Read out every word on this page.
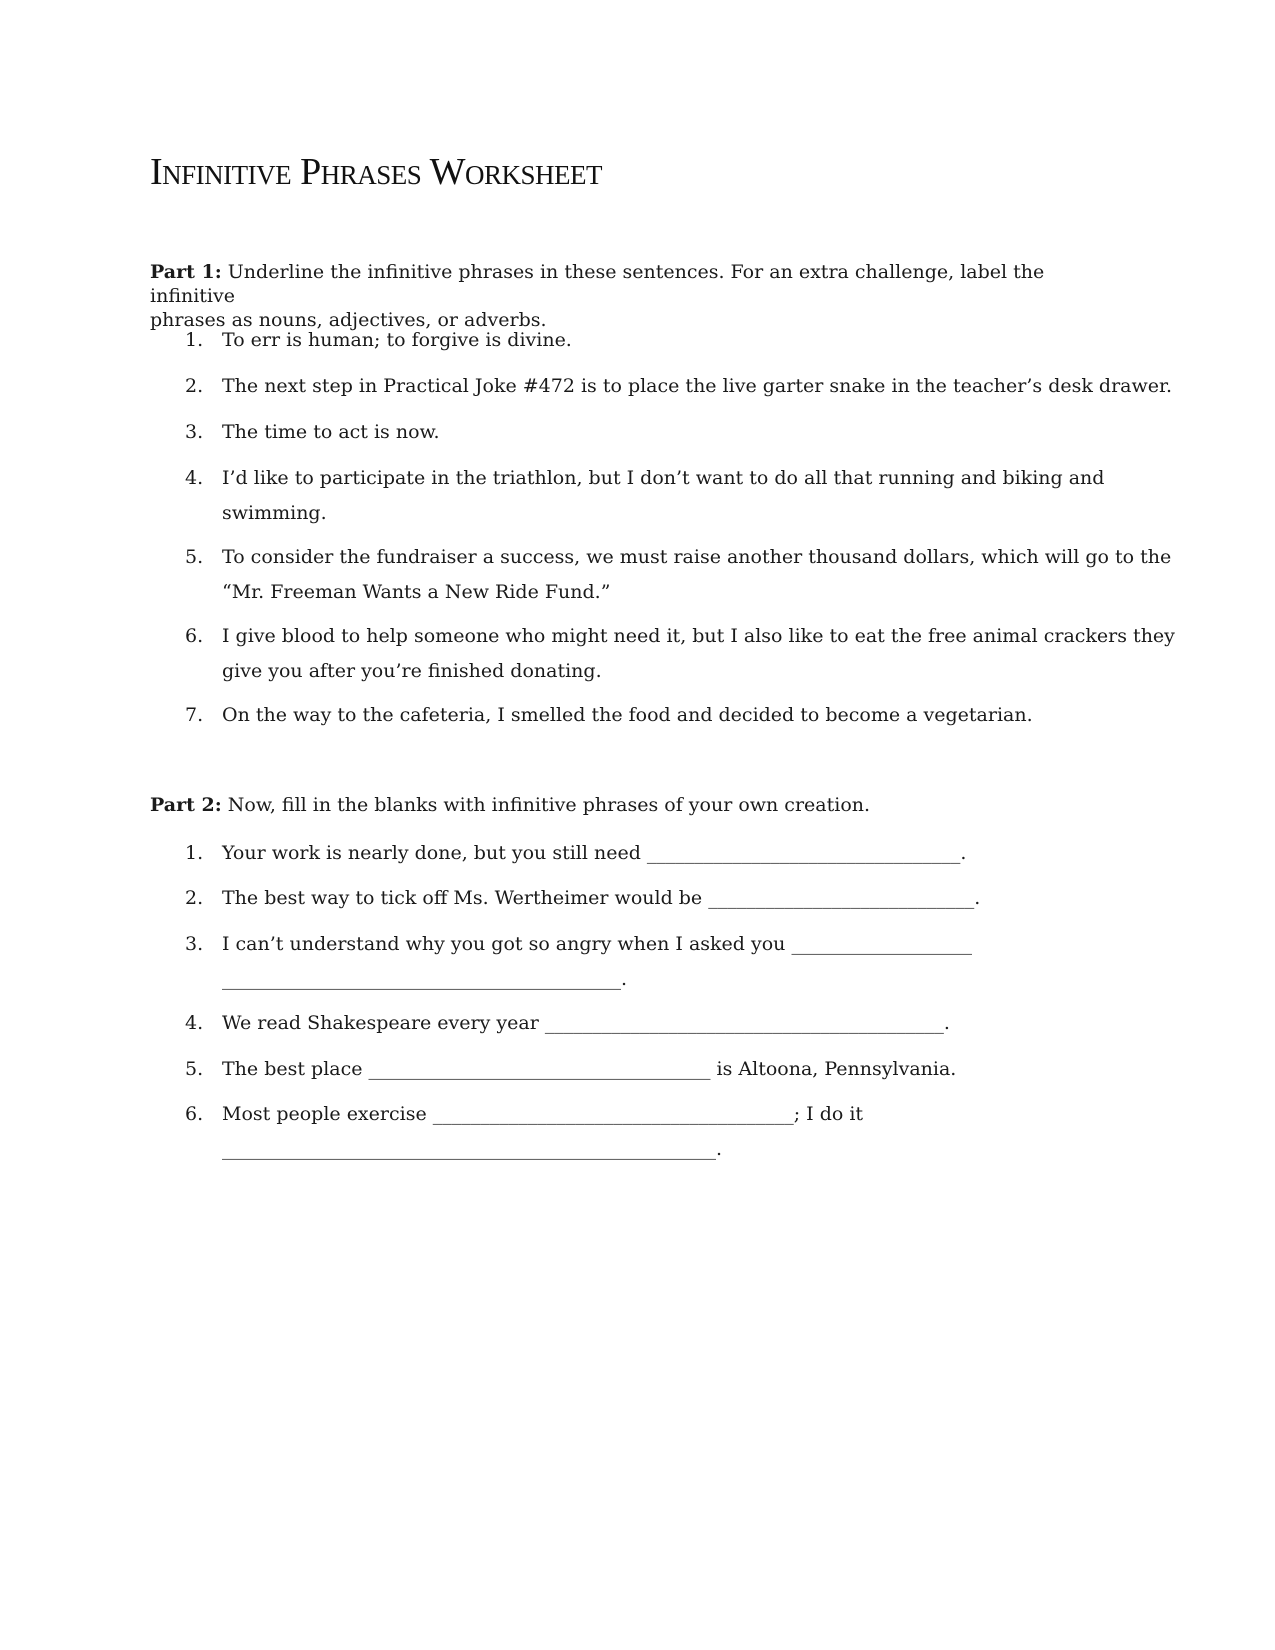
Infinitive Phrases Worksheet

Part 1: Underline the infinitive phrases in these sentences. For an extra challenge, label the infinitive
phrases as nouns, adjectives, or adverbs.

1. To err is human; to forgive is divine.
2. The next step in Practical Joke #472 is to place the live garter snake in the teacher’s desk drawer.
3. The time to act is now.
4. I’d like to participate in the triathlon, but I don’t want to do all that running and biking and
swimming.
5. To consider the fundraiser a success, we must raise another thousand dollars, which will go to the
“Mr. Freeman Wants a New Ride Fund.”
6. I give blood to help someone who might need it, but I also like to eat the free animal crackers they
give you after you’re finished donating.
7. On the way to the cafeteria, I smelled the food and decided to become a vegetarian.

Part 2: Now, fill in the blanks with infinitive phrases of your own creation.

1. Your work is nearly done, but you still need _________________________________.
2. The best way to tick off Ms. Wertheimer would be ____________________________.
3. I can’t understand why you got so angry when I asked you ___________________
__________________________________________.
4. We read Shakespeare every year __________________________________________.
5. The best place ____________________________________ is Altoona, Pennsylvania.
6. Most people exercise ______________________________________; I do it
____________________________________________________.
